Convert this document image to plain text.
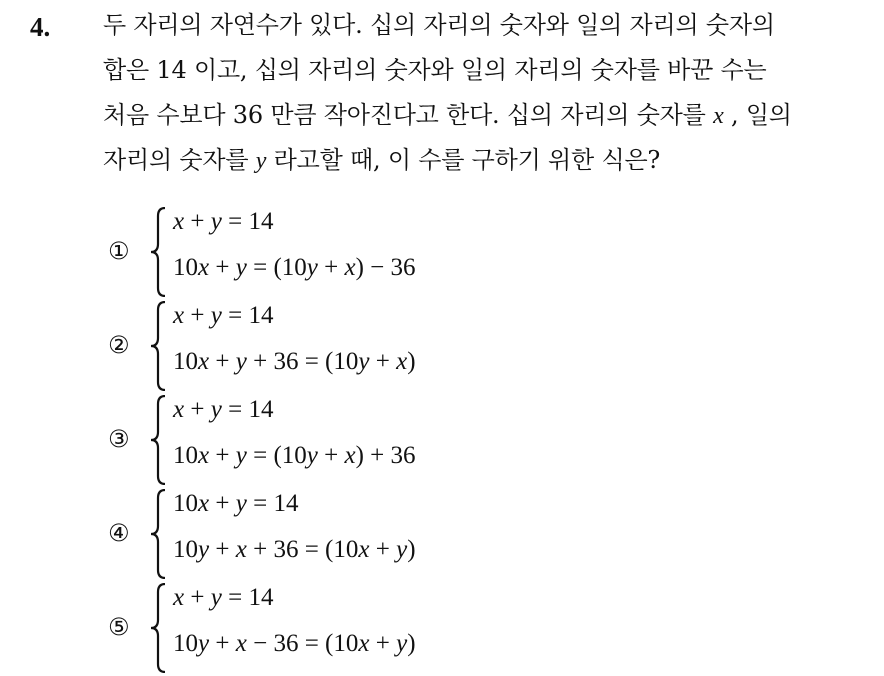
4. 두 자리의 자연수가 있다. 십의 자리의 숫자와 일의 자리의 숫자의
합은 14 이고, 십의 자리의 숫자와 일의 자리의 숫자를 바꾼 수는
처음 수보다 36 만큼 작아진다고 한다. 십의 자리의 숫자를 x , 일의
자리의 숫자를 y 라고할 때, 이 수를 구하기 위한 식은?
①
x + y = 14
10x + y = (10y + x) − 36
②
x + y = 14
10x + y + 36 = (10y + x)
③
x + y = 14
10x + y = (10y + x) + 36
④
10x + y = 14
10y + x + 36 = (10x + y)
⑤
x + y = 14
10y + x − 36 = (10x + y)
